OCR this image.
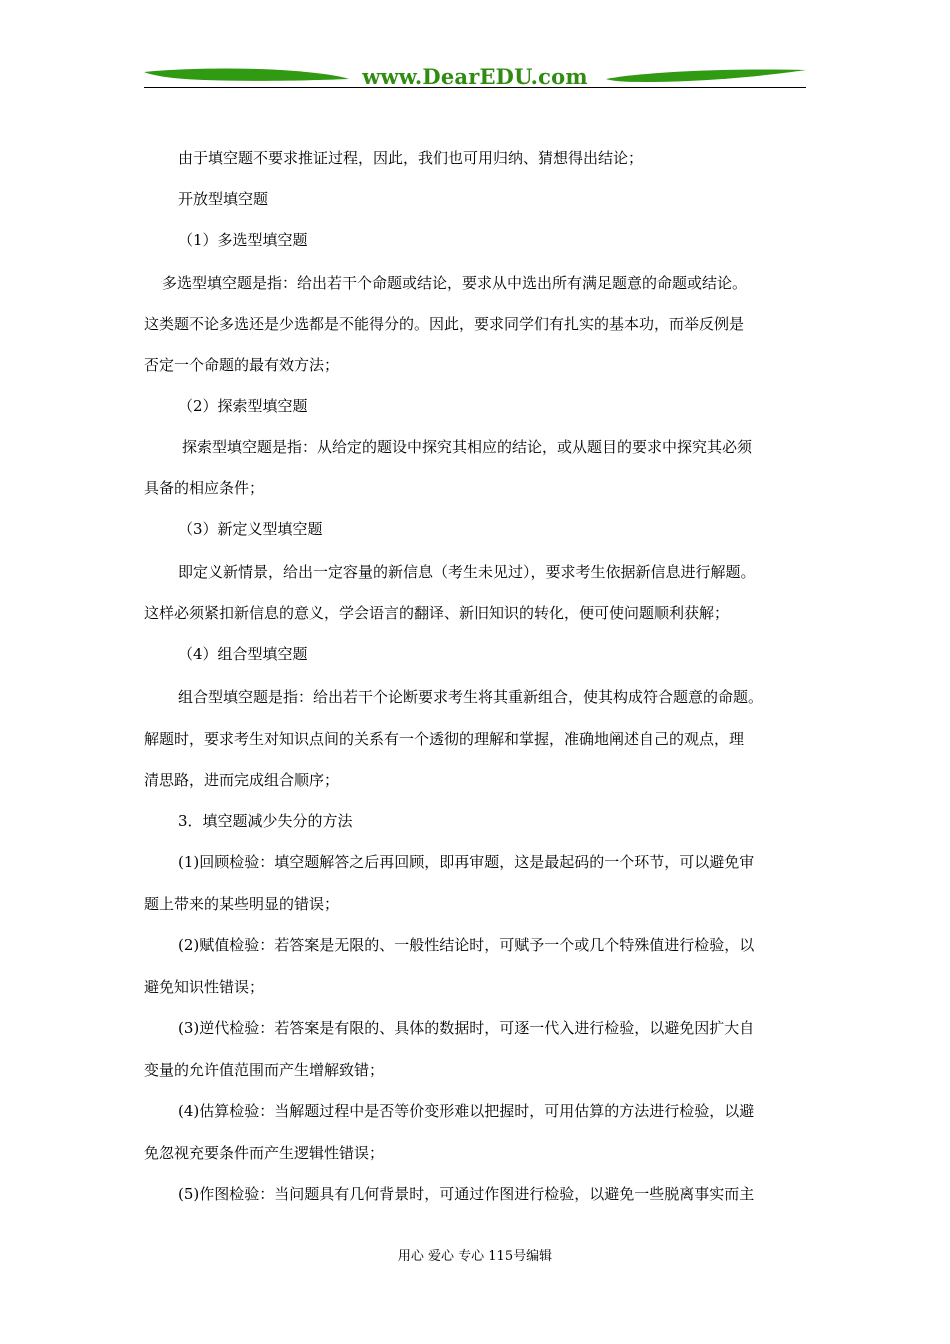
www.DearEDU.com
由于填空题不要求推证过程，因此，我们也可用归纳、猜想得出结论；
开放型填空题
（1）多选型填空题
多选型填空题是指：给出若干个命题或结论，要求从中选出所有满足题意的命题或结论。
这类题不论多选还是少选都是不能得分的。因此，要求同学们有扎实的基本功，而举反例是
否定一个命题的最有效方法；
（2）探索型填空题
探索型填空题是指：从给定的题设中探究其相应的结论，或从题目的要求中探究其必须
具备的相应条件；
（3）新定义型填空题
即定义新情景，给出一定容量的新信息（考生未见过），要求考生依据新信息进行解题。
这样必须紧扣新信息的意义，学会语言的翻译、新旧知识的转化，便可使问题顺利获解；
（4）组合型填空题
组合型填空题是指：给出若干个论断要求考生将其重新组合，使其构成符合题意的命题。
解题时，要求考生对知识点间的关系有一个透彻的理解和掌握，准确地阐述自己的观点，理
清思路，进而完成组合顺序；
3．填空题减少失分的方法
(1)回顾检验：填空题解答之后再回顾，即再审题，这是最起码的一个环节，可以避免审
题上带来的某些明显的错误；
(2)赋值检验：若答案是无限的、一般性结论时，可赋予一个或几个特殊值进行检验，以
避免知识性错误；
(3)逆代检验：若答案是有限的、具体的数据时，可逐一代入进行检验，以避免因扩大自
变量的允许值范围而产生增解致错；
(4)估算检验：当解题过程中是否等价变形难以把握时，可用估算的方法进行检验，以避
免忽视充要条件而产生逻辑性错误；
(5)作图检验：当问题具有几何背景时，可通过作图进行检验，以避免一些脱离事实而主
用心 爱心 专心 115号编辑
